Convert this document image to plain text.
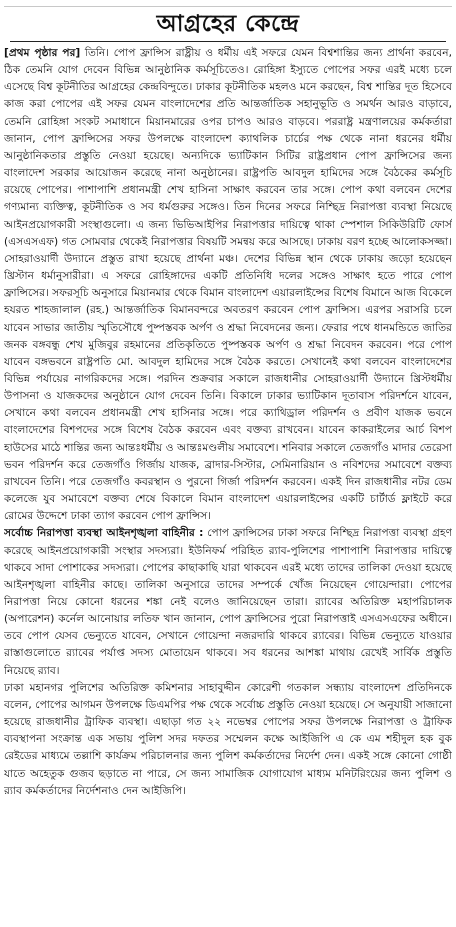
আগ্রহের কেন্দ্রে

[প্রথম পৃষ্ঠার পর] তিনি। পোপ ফ্রান্সিস রাষ্ট্রীয় ও ধর্মীয় এই সফরে যেমন বিশ্বশান্তির জন্য প্রার্থনা করবেন, ঠিক তেমনি যোগ দেবেন বিভিন্ন আনুষ্ঠানিক কর্মসূচিতেও। রোহিঙ্গা ইস্যুতে পোপের সফর এরই মধ্যে চলে এসেছে বিশ্ব কূটনীতির আগ্রহের কেন্দ্রবিন্দুতে। ঢাকার কূটনীতিক মহলও মনে করছেন, বিশ্ব শান্তির দূত হিসেবে কাজ করা পোপের এই সফর যেমন বাংলাদেশের প্রতি আন্তর্জাতিক সহানুভূতি ও সমর্থন আরও বাড়াবে, তেমনি রোহিঙ্গা সংকট সমাধানে মিয়ানমারের ওপর চাপও আরও বাড়বে। পররাষ্ট্র মন্ত্রণালয়ের কর্মকর্তারা জানান, পোপ ফ্রান্সিসের সফর উপলক্ষে বাংলাদেশ ক্যাথলিক চার্চের পক্ষ থেকে নানা ধরনের ধর্মীয় আনুষ্ঠানিকতার প্রস্তুতি নেওয়া হয়েছে। অন্যদিকে ভ্যাটিকান সিটির রাষ্ট্রপ্রধান পোপ ফ্রান্সিসের জন্য বাংলাদেশ সরকার আয়োজন করেছে নানা অনুষ্ঠানের। রাষ্ট্রপতি আবদুল হামিদের সঙ্গে বৈঠকের কর্মসূচি রয়েছে পোপের। পাশাপাশি প্রধানমন্ত্রী শেখ হাসিনা সাক্ষাৎ করবেন তার সঙ্গে। পোপ কথা বলবেন দেশের গণ্যমান্য ব্যক্তিত্ব, কূটনীতিক ও সব ধর্মগুরুর সঙ্গেও। তিন দিনের সফরে নিশ্ছিদ্র নিরাপত্তা ব্যবস্থা নিয়েছে আইনপ্রয়োগকারী সংস্থাগুলো। এ জন্য ভিভিআইপির নিরাপত্তার দায়িত্বে থাকা স্পেশাল সিকিউরিটি ফোর্স (এসএসএফ) গত সোমবার থেকেই নিরাপত্তার বিষয়টি সমন্বয় করে আসছে। ঢাকায় বরণ হচ্ছে আলোকসজ্জা। সোহরাওয়ার্দী উদ্যানে প্রস্তুত রাখা হয়েছে প্রার্থনা মঞ্চ। দেশের বিভিন্ন স্থান থেকে ঢাকায় জড়ো হয়েছেন খ্রিস্টান ধর্মানুসারীরা। এ সফরে রোহিঙ্গাদের একটি প্রতিনিধি দলের সঙ্গেও সাক্ষাৎ হতে পারে পোপ ফ্রান্সিসের। সফরসূচি অনুসারে মিয়ানমার থেকে বিমান বাংলাদেশ এয়ারলাইন্সের বিশেষ বিমানে আজ বিকেলে হযরত শাহজালাল (রহ.) আন্তর্জাতিক বিমানবন্দরে অবতরণ করবেন পোপ ফ্রান্সিস। এরপর সরাসরি চলে যাবেন সাভার জাতীয় স্মৃতিসৌধে পুষ্পস্তবক অর্পণ ও শ্রদ্ধা নিবেদনের জন্য। ফেরার পথে ধানমন্ডিতে জাতির জনক বঙ্গবন্ধু শেখ মুজিবুর রহমানের প্রতিকৃতিতে পুষ্পস্তবক অর্পণ ও শ্রদ্ধা নিবেদন করবেন। পরে পোপ যাবেন বঙ্গভবনে রাষ্ট্রপতি মো. আবদুল হামিদের সঙ্গে বৈঠক করতে। সেখানেই কথা বলবেন বাংলাদেশের বিভিন্ন পর্যায়ের নাগরিকদের সঙ্গে। পরদিন শুক্রবার সকালে রাজধানীর সোহরাওয়ার্দী উদ্যানে খ্রিস্টধর্মীয় উপাসনা ও যাজকদের অনুষ্ঠানে যোগ দেবেন তিনি। বিকালে ঢাকার ভ্যাটিকান দূতাবাস পরিদর্শনে যাবেন, সেখানে কথা বলবেন প্রধানমন্ত্রী শেখ হাসিনার সঙ্গে। পরে ক্যাথিড্রাল পরিদর্শন ও প্রবীণ যাজক ভবনে বাংলাদেশের বিশপদের সঙ্গে বিশেষ বৈঠক করবেন এবং বক্তব্য রাখবেন। যাবেন কাকরাইলের আর্চ বিশপ হাউসের মাঠে শান্তির জন্য আন্তঃধর্মীয় ও আন্তঃমণ্ডলীয় সমাবেশে। শনিবার সকালে তেজগাঁও মাদার তেরেসা ভবন পরিদর্শন করে তেজগাঁও গির্জায় যাজক, ব্রাদার-সিস্টার, সেমিনারিয়ান ও নবিশদের সমাবেশে বক্তব্য রাখবেন তিনি। পরে তেজগাঁও কবরস্থান ও পুরনো গির্জা পরিদর্শন করবেন। একই দিন রাজধানীর নটর ডেম কলেজে যুব সমাবেশে বক্তব্য শেষে বিকালে বিমান বাংলাদেশ এয়ারলাইন্সের একটি চার্টার্ড ফ্লাইটে করে রোমের উদ্দেশে ঢাকা ত্যাগ করবেন পোপ ফ্রান্সিস।

সর্বোচ্চ নিরাপত্তা ব্যবস্থা আইনশৃঙ্খলা বাহিনীর : পোপ ফ্রান্সিসের ঢাকা সফরে নিশ্ছিদ্র নিরাপত্তা ব্যবস্থা গ্রহণ করেছে আইনপ্রয়োগকারী সংস্থার সদস্যরা। ইউনিফর্ম পরিহিত র‍্যাব-পুলিশের পাশাপাশি নিরাপত্তার দায়িত্বে থাকবে সাদা পোশাকের সদস্যরা। পোপের কাছাকাছি যারা থাকবেন এরই মধ্যে তাদের তালিকা দেওয়া হয়েছে আইনশৃঙ্খলা বাহিনীর কাছে। তালিকা অনুসারে তাদের সম্পর্কে খোঁজ নিয়েছেন গোয়েন্দারা। পোপের নিরাপত্তা নিয়ে কোনো ধরনের শঙ্কা নেই বলেও জানিয়েছেন তারা। র‍্যাবের অতিরিক্ত মহাপরিচালক (অপারেশন) কর্নেল আনোয়ার লতিফ খান জানান, পোপ ফ্রান্সিসের পুরো নিরাপত্তাই এসএসএফের অধীনে। তবে পোপ যেসব ভেন্যুতে যাবেন, সেখানে গোয়েন্দা নজরদারি থাকবে র‍্যাবের। বিভিন্ন ভেন্যুতে যাওয়ার রাস্তাগুলোতে র‍্যাবের পর্যাপ্ত সদস্য মোতায়েন থাকবে। সব ধরনের আশঙ্কা মাথায় রেখেই সার্বিক প্রস্তুতি নিয়েছে র‍্যাব।

ঢাকা মহানগর পুলিশের অতিরিক্ত কমিশনার সাহাবুদ্দীন কোরেশী গতকাল সন্ধ্যায় বাংলাদেশ প্রতিদিনকে বলেন, পোপের আগমন উপলক্ষে ডিএমপির পক্ষ থেকে সর্বোচ্চ প্রস্তুতি নেওয়া হয়েছে। সে অনুযায়ী সাজানো হয়েছে রাজধানীর ট্রাফিক ব্যবস্থা। এছাড়া গত ২২ নভেম্বর পোপের সফর উপলক্ষে নিরাপত্তা ও ট্রাফিক ব্যবস্থাপনা সংক্রান্ত এক সভায় পুলিশ সদর দফতর সম্মেলন কক্ষে আইজিপি এ কে এম শহীদুল হক বুক রেইডের মাধ্যমে তল্লাশি কার্যক্রম পরিচালনার জন্য পুলিশ কর্মকর্তাদের নির্দেশ দেন। একই সঙ্গে কোনো গোষ্ঠী যাতে অহেতুক গুজব ছড়াতে না পারে, সে জন্য সামাজিক যোগাযোগ মাধ্যম মনিটরিংয়ের জন্য পুলিশ ও র‍্যাব কর্মকর্তাদের নির্দেশনাও দেন আইজিপি।
